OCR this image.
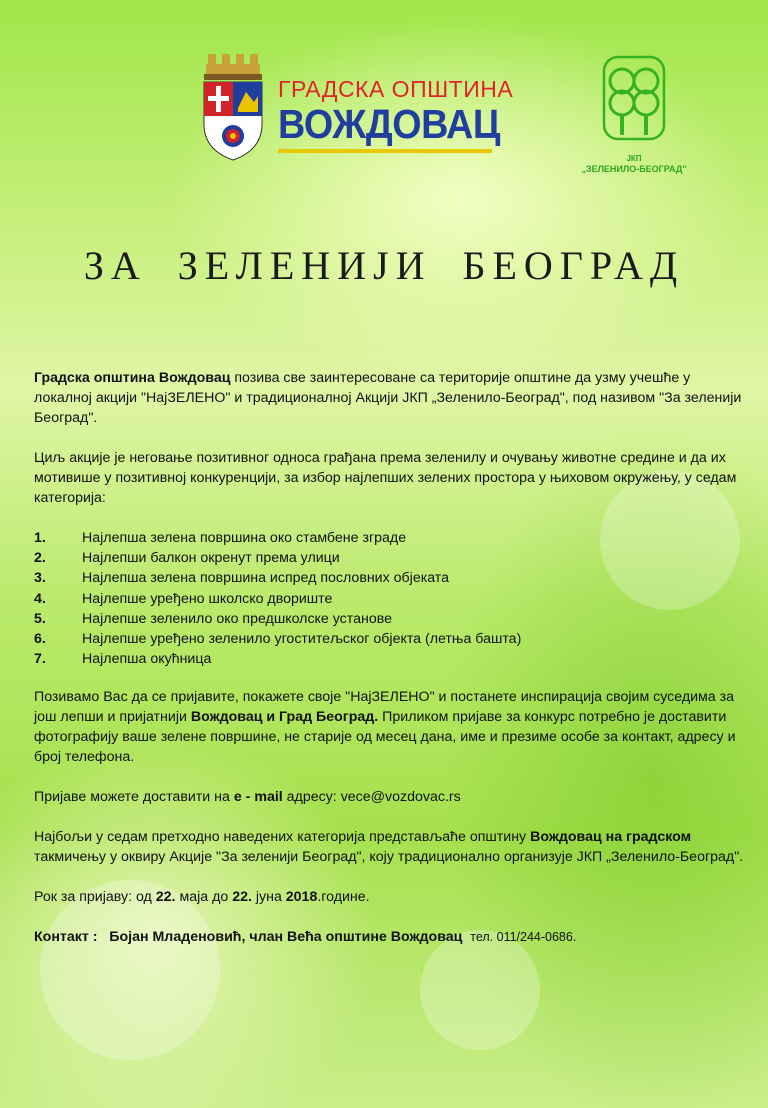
ГРАДСКА ОПШТИНА
ВОЖДОВАЦ
ЈКП
„ЗЕЛЕНИЛО-БЕОГРАД"
ЗА ЗЕЛЕНИЈИ БЕОГРАД

Градска општина Вождовац позива све заинтересоване са територије општине да узму учешће у локалној акцији "НајЗЕЛЕНО" и традиционалној Акцији ЈКП „Зеленило-Београд", под називом "За зеленији Београд".

Циљ акције је неговање позитивног односа грађана према зеленилу и очувању животне средине и да их мотивише у позитивној конкуренцији, за избор најлепших зелених простора у њиховом окружењу, у седам категорија:

1.	Најлепша зелена површина око стамбене зграде
2.	Најлепши балкон окренут према улици
3.	Најлепша зелена површина испред пословних објеката
4.	Најлепше уређено школско двориште
5.	Најлепше зеленило око предшколске установе
6.	Најлепше уређено зеленило угоститељског објекта (летња башта)
7.	Најлепша окућница

Позивамо Вас да се пријавите, покажете своје "НајЗЕЛЕНО" и постанете инспирација својим суседима за још лепши и пријатнији Вождовац и Град Београд. Приликом пријаве за конкурс потребно је доставити фотографију ваше зелене површине, не старије од месец дана, име и презиме особе за контакт, адресу и број телефона.

Пријаве можете доставити на e - mail адресу: vece@vozdovac.rs

Најбољи у седам претходно наведених категорија представљаће општину Вождовац на градском такмичењу у оквиру Акције "За зеленији Београд", коју традиционално организује ЈКП „Зеленило-Београд".

Рок за пријаву: од 22. маја до 22. јуна 2018.године.

Контакт :   Бојан Младеновић, члан Већа општине Вождовац тел. 011/244-0686.
